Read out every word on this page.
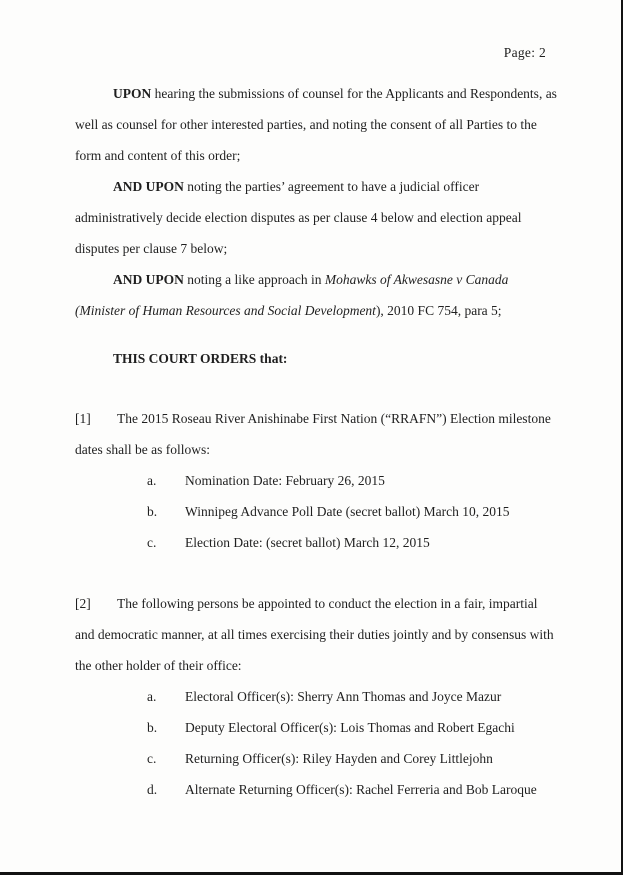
Page: 2

UPON hearing the submissions of counsel for the Applicants and Respondents, as well as counsel for other interested parties, and noting the consent of all Parties to the form and content of this order;

AND UPON noting the parties’ agreement to have a judicial officer administratively decide election disputes as per clause 4 below and election appeal disputes per clause 7 below;

AND UPON noting a like approach in Mohawks of Akwesasne v Canada (Minister of Human Resources and Social Development), 2010 FC 754, para 5;

THIS COURT ORDERS that:

[1] The 2015 Roseau River Anishinabe First Nation (“RRAFN”) Election milestone dates shall be as follows:

a. Nomination Date: February 26, 2015
b. Winnipeg Advance Poll Date (secret ballot) March 10, 2015
c. Election Date: (secret ballot) March 12, 2015

[2] The following persons be appointed to conduct the election in a fair, impartial and democratic manner, at all times exercising their duties jointly and by consensus with the other holder of their office:

a. Electoral Officer(s): Sherry Ann Thomas and Joyce Mazur
b. Deputy Electoral Officer(s): Lois Thomas and Robert Egachi
c. Returning Officer(s): Riley Hayden and Corey Littlejohn
d. Alternate Returning Officer(s): Rachel Ferreria and Bob Laroque
